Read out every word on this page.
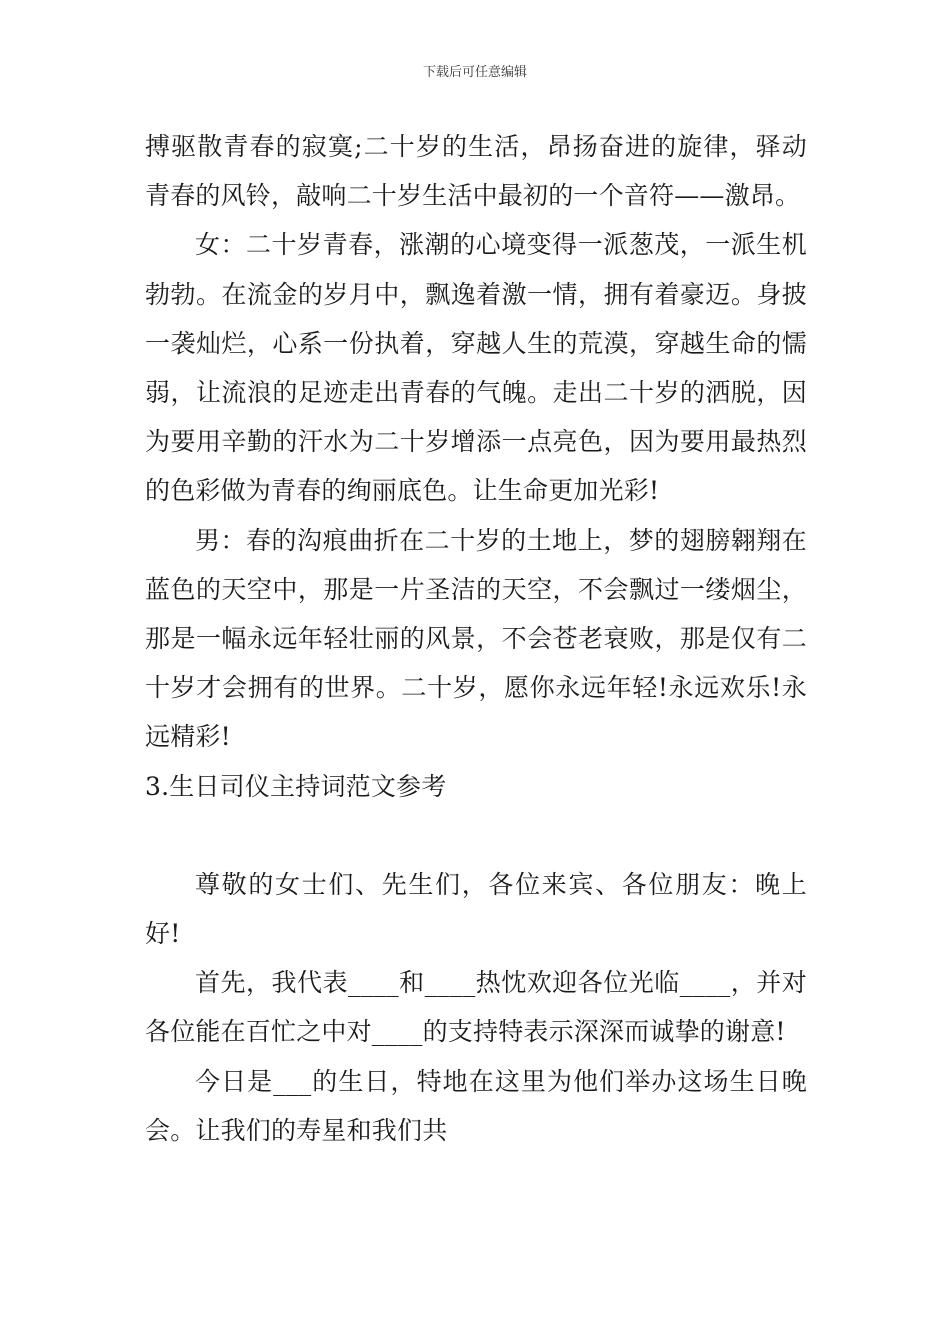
下载后可任意编辑

搏驱散青春的寂寞;二十岁的生活，昂扬奋进的旋律，驿动青春的风铃，敲响二十岁生活中最初的一个音符——激昂。

女：二十岁青春，涨潮的心境变得一派葱茂，一派生机勃勃。在流金的岁月中，飘逸着激一情，拥有着豪迈。身披一袭灿烂，心系一份执着，穿越人生的荒漠，穿越生命的懦弱，让流浪的足迹走出青春的气魄。走出二十岁的洒脱，因为要用辛勤的汗水为二十岁增添一点亮色，因为要用最热烈的色彩做为青春的绚丽底色。让生命更加光彩!

男：春的沟痕曲折在二十岁的土地上，梦的翅膀翱翔在蓝色的天空中，那是一片圣洁的天空，不会飘过一缕烟尘，那是一幅永远年轻壮丽的风景，不会苍老衰败，那是仅有二十岁才会拥有的世界。二十岁，愿你永远年轻!永远欢乐!永远精彩!

3.生日司仪主持词范文参考

尊敬的女士们、先生们，各位来宾、各位朋友：晚上好!

首先，我代表____和____热忱欢迎各位光临____，并对各位能在百忙之中对____的支持特表示深深而诚挚的谢意!

今日是___的生日，特地在这里为他们举办这场生日晚会。让我们的寿星和我们共
